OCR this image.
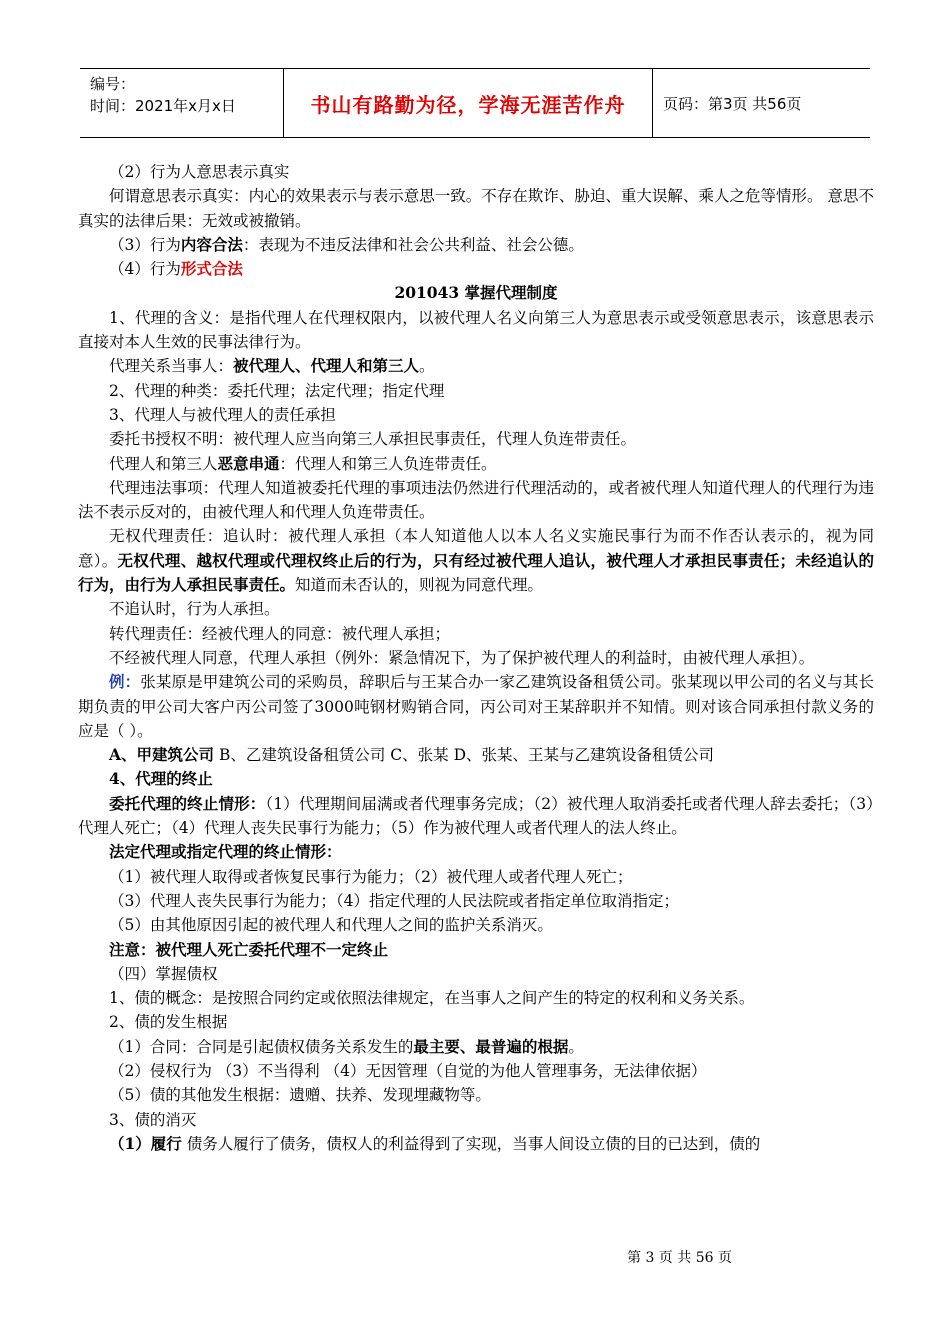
编号：
时间：2021年x月x日	书山有路勤为径，学海无涯苦作舟	页码：第3页 共56页

（2）行为人意思表示真实

何谓意思表示真实：内心的效果表示与表示意思一致。不存在欺诈、胁迫、重大误解、乘人之危等情形。 意思不真实的法律后果：无效或被撤销。

（3）行为内容合法：表现为不违反法律和社会公共利益、社会公德。

（4）行为形式合法

201043 掌握代理制度

1、代理的含义：是指代理人在代理权限内，以被代理人名义向第三人为意思表示或受领意思表示，该意思表示直接对本人生效的民事法律行为。

代理关系当事人：被代理人、代理人和第三人。

2、代理的种类：委托代理；法定代理；指定代理

3、代理人与被代理人的责任承担

委托书授权不明：被代理人应当向第三人承担民事责任，代理人负连带责任。

代理人和第三人恶意串通：代理人和第三人负连带责任。

代理违法事项：代理人知道被委托代理的事项违法仍然进行代理活动的，或者被代理人知道代理人的代理行为违法不表示反对的，由被代理人和代理人负连带责任。

无权代理责任：追认时：被代理人承担（本人知道他人以本人名义实施民事行为而不作否认表示的，视为同意）。无权代理、越权代理或代理权终止后的行为，只有经过被代理人追认，被代理人才承担民事责任；未经追认的行为，由行为人承担民事责任。知道而未否认的，则视为同意代理。

不追认时，行为人承担。

转代理责任：经被代理人的同意：被代理人承担；

不经被代理人同意，代理人承担（例外：紧急情况下，为了保护被代理人的利益时，由被代理人承担）。

例：张某原是甲建筑公司的采购员，辞职后与王某合办一家乙建筑设备租赁公司。张某现以甲公司的名义与其长期负责的甲公司大客户丙公司签了3000吨钢材购销合同，丙公司对王某辞职并不知情。则对该合同承担付款义务的应是（ ）。

A、甲建筑公司 B、乙建筑设备租赁公司 C、张某 D、张某、王某与乙建筑设备租赁公司

4、代理的终止

委托代理的终止情形：（1）代理期间届满或者代理事务完成；（2）被代理人取消委托或者代理人辞去委托；（3）代理人死亡；（4）代理人丧失民事行为能力；（5）作为被代理人或者代理人的法人终止。

法定代理或指定代理的终止情形：

（1）被代理人取得或者恢复民事行为能力；（2）被代理人或者代理人死亡；

（3）代理人丧失民事行为能力；（4）指定代理的人民法院或者指定单位取消指定；

（5）由其他原因引起的被代理人和代理人之间的监护关系消灭。

注意：被代理人死亡委托代理不一定终止

（四）掌握债权

1、债的概念：是按照合同约定或依照法律规定，在当事人之间产生的特定的权利和义务关系。

2、债的发生根据

（1）合同：合同是引起债权债务关系发生的最主要、最普遍的根据。

（2）侵权行为 （3）不当得利 （4）无因管理（自觉的为他人管理事务，无法律依据）

（5）债的其他发生根据：遗赠、扶养、发现埋藏物等。

3、债的消灭

（1）履行 债务人履行了债务，债权人的利益得到了实现，当事人间设立债的目的已达到，债的

第 3 页 共 56 页
